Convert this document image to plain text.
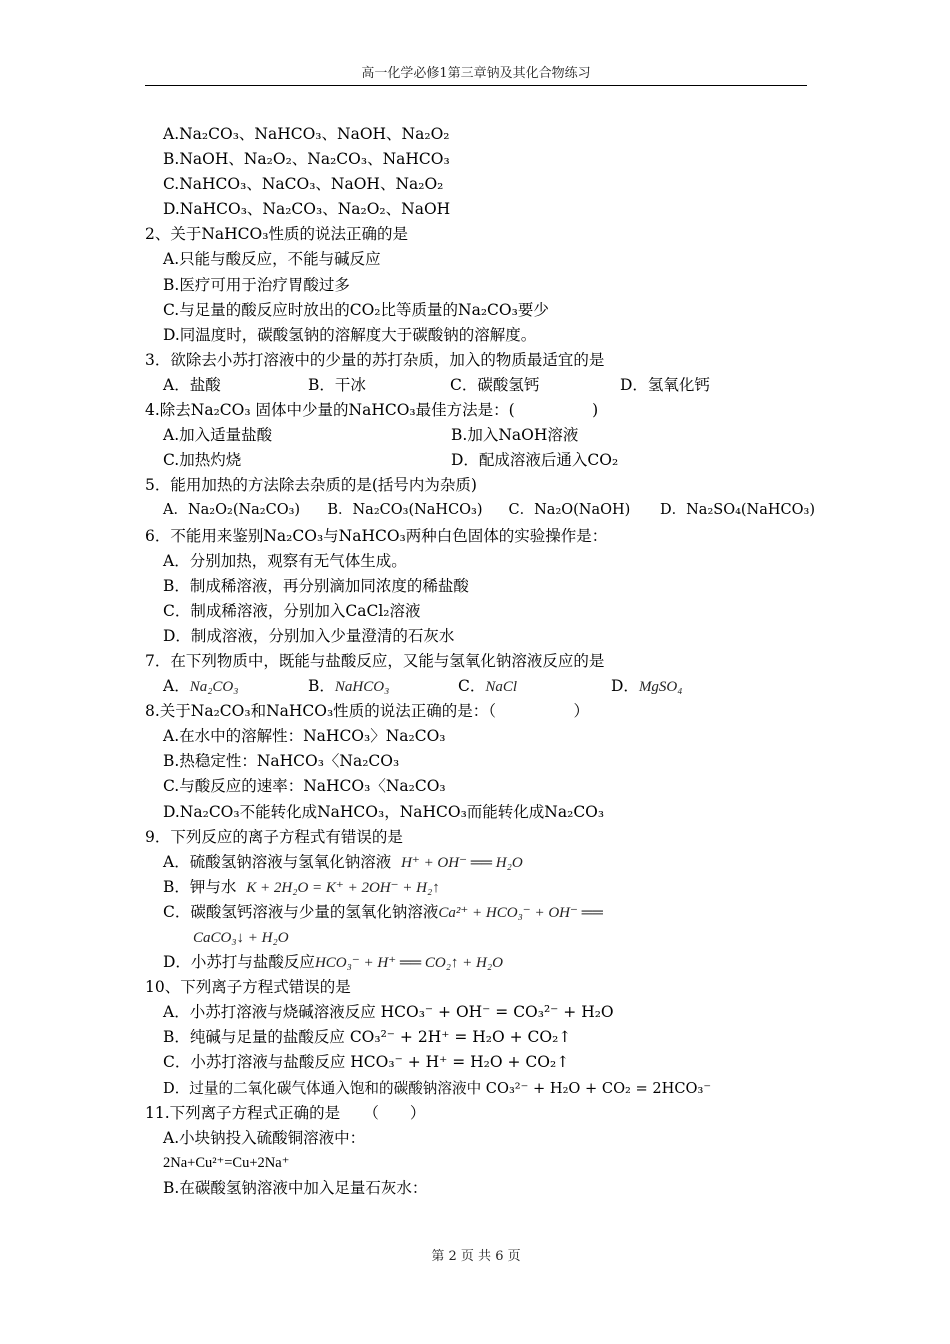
高一化学必修1第三章钠及其化合物练习
A.Na₂CO₃、NaHCO₃、NaOH、Na₂O₂
B.NaOH、Na₂O₂、Na₂CO₃、NaHCO₃
C.NaHCO₃、NaCO₃、NaOH、Na₂O₂
D.NaHCO₃、Na₂CO₃、Na₂O₂、NaOH
2、关于NaHCO₃性质的说法正确的是
A.只能与酸反应，不能与碱反应
B.医疗可用于治疗胃酸过多
C.与足量的酸反应时放出的CO₂比等质量的Na₂CO₃要少
D.同温度时，碳酸氢钠的溶解度大于碳酸钠的溶解度。
3．欲除去小苏打溶液中的少量的苏打杂质，加入的物质最适宜的是
A．盐酸	B．干冰	C．碳酸氢钙	D．氢氧化钙
4.除去Na₂CO₃ 固体中少量的NaHCO₃最佳方法是：(　　　　　)
A.加入适量盐酸	B.加入NaOH溶液
C.加热灼烧	D．配成溶液后通入CO₂
5．能用加热的方法除去杂质的是(括号内为杂质)
A．Na₂O₂(Na₂CO₃)	B．Na₂CO₃(NaHCO₃)	C．Na₂O(NaOH)	D．Na₂SO₄(NaHCO₃)
6．不能用来鉴别Na₂CO₃与NaHCO₃两种白色固体的实验操作是：
A．分别加热，观察有无气体生成。
B．制成稀溶液，再分别滴加同浓度的稀盐酸
C．制成稀溶液，分别加入CaCl₂溶液
D．制成溶液，分别加入少量澄清的石灰水
7．在下列物质中，既能与盐酸反应，又能与氢氧化钠溶液反应的是
A．Na₂CO₃	B．NaHCO₃	C．NaCl	D．MgSO₄
8.关于Na₂CO₃和NaHCO₃性质的说法正确的是：（　　　　　）
A.在水中的溶解性：NaHCO₃〉Na₂CO₃
B.热稳定性：NaHCO₃〈Na₂CO₃
C.与酸反应的速率：NaHCO₃〈Na₂CO₃
D.Na₂CO₃不能转化成NaHCO₃，NaHCO₃而能转化成Na₂CO₃
9．下列反应的离子方程式有错误的是
A．硫酸氢钠溶液与氢氧化钠溶液 H⁺ + OH⁻ ══ H₂O
B．钾与水 K + 2H₂O = K⁺ + 2OH⁻ + H₂↑
C．碳酸氢钙溶液与少量的氢氧化钠溶液Ca²⁺ + HCO₃⁻ + OH⁻ ══
CaCO₃↓ + H₂O
D．小苏打与盐酸反应HCO₃⁻ + H⁺ ══ CO₂↑ + H₂O
10、下列离子方程式错误的是
A．小苏打溶液与烧碱溶液反应 HCO₃⁻ + OH⁻ = CO₃²⁻ + H₂O
B．纯碱与足量的盐酸反应 CO₃²⁻ + 2H⁺ = H₂O + CO₂↑
C．小苏打溶液与盐酸反应 HCO₃⁻ + H⁺ = H₂O + CO₂↑
D．过量的二氧化碳气体通入饱和的碳酸钠溶液中 CO₃²⁻ + H₂O + CO₂ = 2HCO₃⁻
11.下列离子方程式正确的是　　（　　）
A.小块钠投入硫酸铜溶液中：
2Na+Cu²⁺=Cu+2Na⁺
B.在碳酸氢钠溶液中加入足量石灰水：
第 2 页 共 6 页
